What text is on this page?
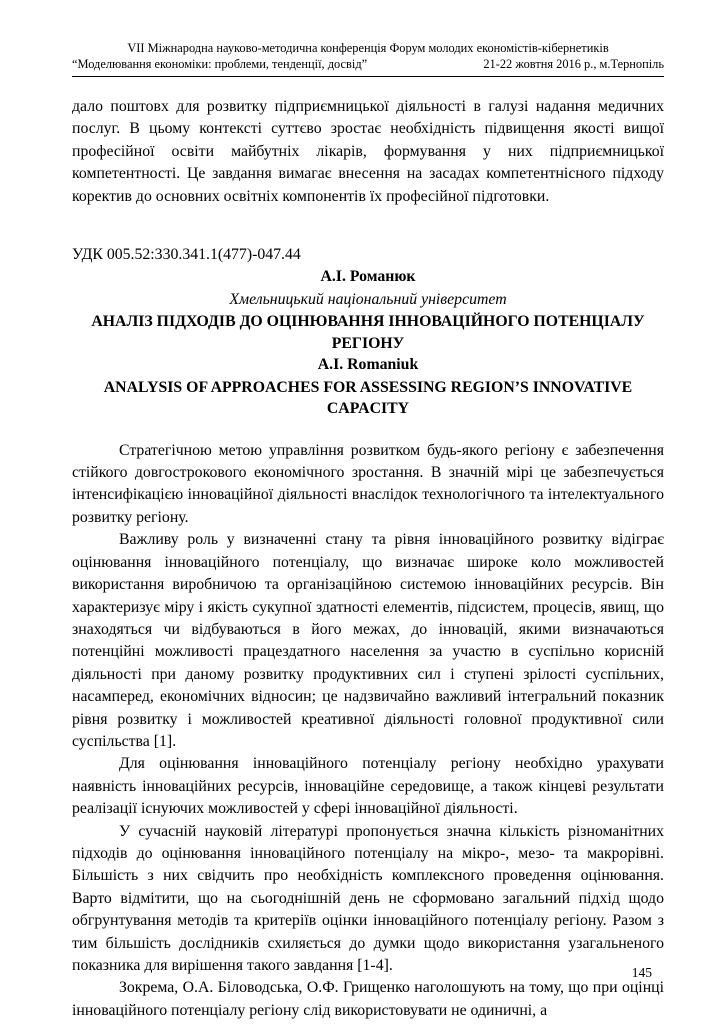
VII Міжнародна науково-методична конференція Форум молодих економістів-кібернетиків
“Моделювання економіки: проблеми, тенденції, досвід”	21-22 жовтня 2016 р., м.Тернопіль

дало поштовх для розвитку підприємницької діяльності в галузі надання медичних послуг. В цьому контексті суттєво зростає необхідність підвищення якості вищої професійної освіти майбутніх лікарів, формування у них підприємницької компетентності. Це завдання вимагає внесення на засадах компетентнісного підходу коректив до основних освітніх компонентів їх професійної підготовки.

УДК 005.52:330.341.1(477)-047.44

А.І. Романюк

Хмельницький національний університет

АНАЛІЗ ПІДХОДІВ ДО ОЦІНЮВАННЯ ІННОВАЦІЙНОГО ПОТЕНЦІАЛУ РЕГІОНУ

A.I. Romaniuk

ANALYSIS OF APPROACHES FOR ASSESSING REGION’S INNOVATIVE CAPACITY

Стратегічною метою управління розвитком будь-якого регіону є забезпечення стійкого довгострокового економічного зростання. В значній мірі це забезпечується інтенсифікацією інноваційної діяльності внаслідок технологічного та інтелектуального розвитку регіону.

Важливу роль у визначенні стану та рівня інноваційного розвитку відіграє оцінювання інноваційного потенціалу, що визначає широке коло можливостей використання виробничою та організаційною системою інноваційних ресурсів. Він характеризує міру і якість сукупної здатності елементів, підсистем, процесів, явищ, що знаходяться чи відбуваються в його межах, до інновацій, якими визначаються потенційні можливості працездатного населення за участю в суспільно корисній діяльності при даному розвитку продуктивних сил і ступені зрілості суспільних, насамперед, економічних відносин; це надзвичайно важливий інтегральний показник рівня розвитку і можливостей креативної діяльності головної продуктивної сили суспільства [1].

Для оцінювання інноваційного потенціалу регіону необхідно урахувати наявність інноваційних ресурсів, інноваційне середовище, а також кінцеві результати реалізації існуючих можливостей у сфері інноваційної діяльності.

У сучасній науковій літературі пропонується значна кількість різноманітних підходів до оцінювання інноваційного потенціалу на мікро-, мезо- та макрорівні. Більшість з них свідчить про необхідність комплексного проведення оцінювання. Варто відмітити, що на сьогоднішній день не сформовано загальний підхід щодо обгрунтування методів та критеріїв оцінки інноваційного потенціалу регіону. Разом з тим більшість дослідників схиляється до думки щодо використання узагальненого показника для вирішення такого завдання [1-4].

Зокрема, О.А. Біловодська, О.Ф. Грищенко наголошують на тому, що при оцінці інноваційного потенціалу регіону слід використовувати не одиничні, а

145
